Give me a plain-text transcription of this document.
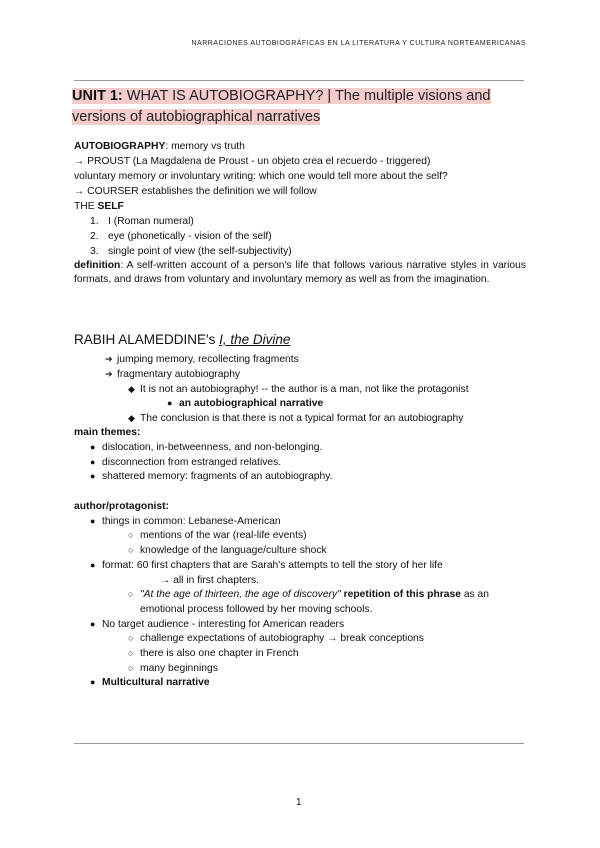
NARRACIONES AUTOBIOGRÁFICAS EN LA LITERATURA Y CULTURA NORTEAMERICANAS
UNIT 1: WHAT IS AUTOBIOGRAPHY? | The multiple visions and
versions of autobiographical narratives
AUTOBIOGRAPHY: memory vs truth
→ PROUST (La Magdalena de Proust - un objeto crea el recuerdo - triggered)
voluntary memory or involuntary writing: which one would tell more about the self?
→ COURSER establishes the definition we will follow
THE SELF
1. I (Roman numeral)
2. eye (phonetically - vision of the self)
3. single point of view (the self-subjectivity)
definition: A self-written account of a person's life that follows various narrative styles in various formats, and draws from voluntary and involuntary memory as well as from the imagination.
RABIH ALAMEDDINE's I, the Divine
➔ jumping memory, recollecting fragments
➔ fragmentary autobiography
◆ It is not an autobiography! -- the author is a man, not like the protagonist
● an autobiographical narrative
◆ The conclusion is that there is not a typical format for an autobiography
main themes:
● dislocation, in-betweenness, and non-belonging.
● disconnection from estranged relatives.
● shattered memory: fragments of an autobiography.
author/protagonist:
● things in common: Lebanese-American
○ mentions of the war (real-life events)
○ knowledge of the language/culture shock
● format: 60 first chapters that are Sarah's attempts to tell the story of her life
→ all in first chapters.
○ "At the age of thirteen, the age of discovery" repetition of this phrase as an
emotional process followed by her moving schools.
● No target audience - interesting for American readers
○ challenge expectations of autobiography → break conceptions
○ there is also one chapter in French
○ many beginnings
● Multicultural narrative
1
